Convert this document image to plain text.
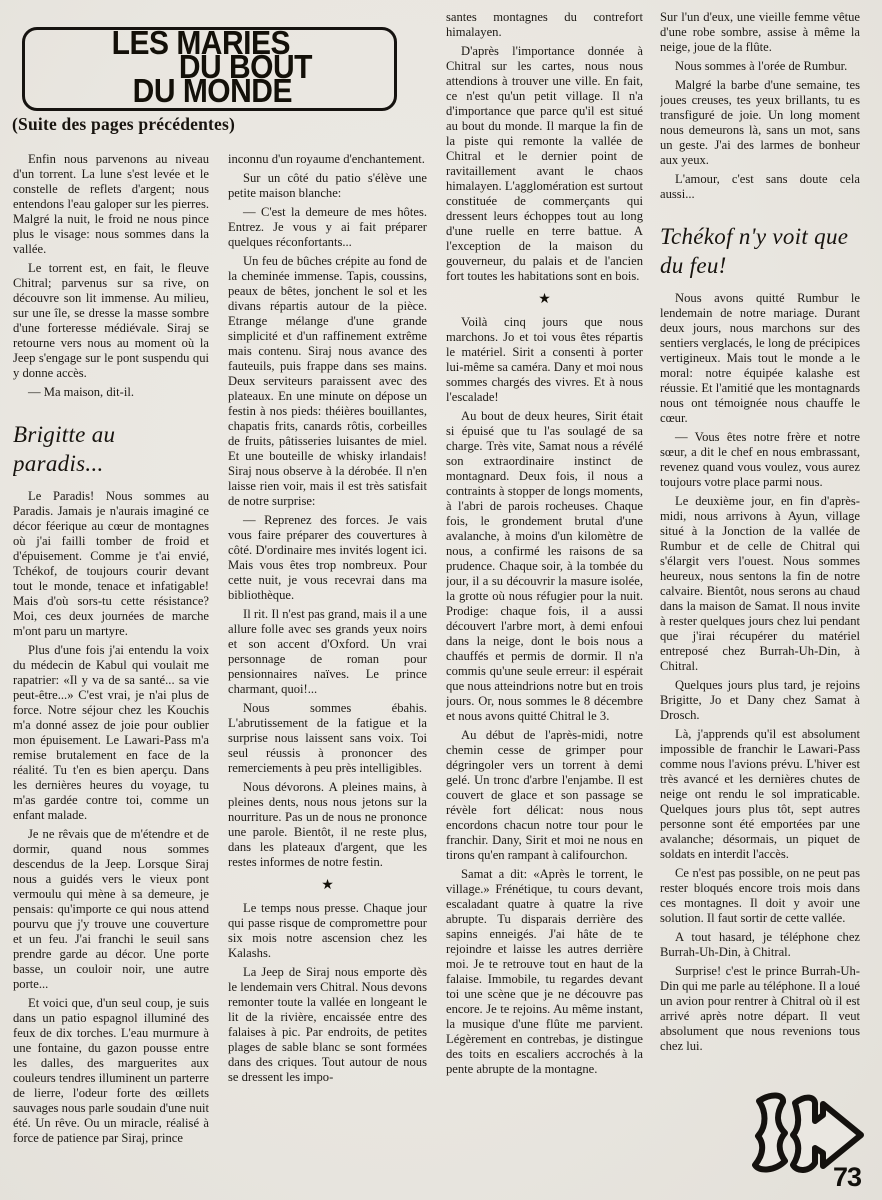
LES MARIES
DU BOUT
DU MONDE
(Suite des pages précédentes)

Enfin nous parvenons au niveau d'un torrent. La lune s'est levée et le constelle de reflets d'argent; nous entendons l'eau galoper sur les pierres. Malgré la nuit, le froid ne nous pince plus le visage: nous sommes dans la vallée.

Le torrent est, en fait, le fleuve Chitral; parvenus sur sa rive, on découvre son lit immense. Au milieu, sur une île, se dresse la masse sombre d'une forteresse médiévale. Siraj se retourne vers nous au moment où la Jeep s'engage sur le pont suspendu qui y donne accès.

— Ma maison, dit-il.

Brigitte au paradis...

Le Paradis! Nous sommes au Paradis. Jamais je n'aurais imaginé ce décor féerique au cœur de montagnes où j'ai failli tomber de froid et d'épuisement. Comme je t'ai envié, Tchékof, de toujours courir devant tout le monde, tenace et infatigable! Mais d'où sors-tu cette résistance? Moi, ces deux journées de marche m'ont paru un martyre.

Plus d'une fois j'ai entendu la voix du médecin de Kabul qui voulait me rapatrier: «Il y va de sa santé... sa vie peut-être...» C'est vrai, je n'ai plus de force. Notre séjour chez les Kouchis m'a donné assez de joie pour oublier mon épuisement. Le Lawari-Pass m'a remise brutalement en face de la réalité. Tu t'en es bien aperçu. Dans les dernières heures du voyage, tu m'as gardée contre toi, comme un enfant malade.

Je ne rêvais que de m'étendre et de dormir, quand nous sommes descendus de la Jeep. Lorsque Siraj nous a guidés vers le vieux pont vermoulu qui mène à sa demeure, je pensais: qu'importe ce qui nous attend pourvu que j'y trouve une couverture et un feu. J'ai franchi le seuil sans prendre garde au décor. Une porte basse, un couloir noir, une autre porte...

Et voici que, d'un seul coup, je suis dans un patio espagnol illuminé des feux de dix torches. L'eau murmure à une fontaine, du gazon pousse entre les dalles, des marguerites aux couleurs tendres illuminent un parterre de lierre, l'odeur forte des œillets sauvages nous parle soudain d'une nuit été. Un rêve. Ou un miracle, réalisé à force de patience par Siraj, prince

inconnu d'un royaume d'enchantement.

Sur un côté du patio s'élève une petite maison blanche:

— C'est la demeure de mes hôtes. Entrez. Je vous y ai fait préparer quelques réconfortants...

Un feu de bûches crépite au fond de la cheminée immense. Tapis, coussins, peaux de bêtes, jonchent le sol et les divans répartis autour de la pièce. Etrange mélange d'une grande simplicité et d'un raffinement extrême mais contenu. Siraj nous avance des fauteuils, puis frappe dans ses mains. Deux serviteurs paraissent avec des plateaux. En une minute on dépose un festin à nos pieds: théières bouillantes, chapatis frits, canards rôtis, corbeilles de fruits, pâtisseries luisantes de miel. Et une bouteille de whisky irlandais! Siraj nous observe à la dérobée. Il n'en laisse rien voir, mais il est très satisfait de notre surprise:

— Reprenez des forces. Je vais vous faire préparer des couvertures à côté. D'ordinaire mes invités logent ici. Mais vous êtes trop nombreux. Pour cette nuit, je vous recevrai dans ma bibliothèque.

Il rit. Il n'est pas grand, mais il a une allure folle avec ses grands yeux noirs et son accent d'Oxford. Un vrai personnage de roman pour pensionnaires naïves. Le prince charmant, quoi!...

Nous sommes ébahis. L'abrutissement de la fatigue et la surprise nous laissent sans voix. Toi seul réussis à prononcer des remerciements à peu près intelligibles.

Nous dévorons. A pleines mains, à pleines dents, nous nous jetons sur la nourriture. Pas un de nous ne prononce une parole. Bientôt, il ne reste plus, dans les plateaux d'argent, que les restes informes de notre festin.

★

Le temps nous presse. Chaque jour qui passe risque de compromettre pour six mois notre ascension chez les Kalashs.

La Jeep de Siraj nous emporte dès le lendemain vers Chitral. Nous devons remonter toute la vallée en longeant le lit de la rivière, encaissée entre des falaises à pic. Par endroits, de petites plages de sable blanc se sont formées dans des criques. Tout autour de nous se dressent les impo-

santes montagnes du contrefort himalayen.

D'après l'importance donnée à Chitral sur les cartes, nous nous attendions à trouver une ville. En fait, ce n'est qu'un petit village. Il n'a d'importance que parce qu'il est situé au bout du monde. Il marque la fin de la piste qui remonte la vallée de Chitral et le dernier point de ravitaillement avant le chaos himalayen. L'agglomération est surtout constituée de commerçants qui dressent leurs échoppes tout au long d'une ruelle en terre battue. A l'exception de la maison du gouverneur, du palais et de l'ancien fort toutes les habitations sont en bois.

★

Voilà cinq jours que nous marchons. Jo et toi vous êtes répartis le matériel. Sirit a consenti à porter lui-même sa caméra. Dany et moi nous sommes chargés des vivres. Et à nous l'escalade!

Au bout de deux heures, Sirit était si épuisé que tu l'as soulagé de sa charge. Très vite, Samat nous a révélé son extraordinaire instinct de montagnard. Deux fois, il nous a contraints à stopper de longs moments, à l'abri de parois rocheuses. Chaque fois, le grondement brutal d'une avalanche, à moins d'un kilomètre de nous, a confirmé les raisons de sa prudence. Chaque soir, à la tombée du jour, il a su découvrir la masure isolée, la grotte où nous réfugier pour la nuit. Prodige: chaque fois, il a aussi découvert l'arbre mort, à demi enfoui dans la neige, dont le bois nous a chauffés et permis de dormir. Il n'a commis qu'une seule erreur: il espérait que nous atteindrions notre but en trois jours. Or, nous sommes le 8 décembre et nous avons quitté Chitral le 3.

Au début de l'après-midi, notre chemin cesse de grimper pour dégringoler vers un torrent à demi gelé. Un tronc d'arbre l'enjambe. Il est couvert de glace et son passage se révèle fort délicat: nous nous encordons chacun notre tour pour le franchir. Dany, Sirit et moi ne nous en tirons qu'en rampant à califourchon.

Samat a dit: «Après le torrent, le village.» Frénétique, tu cours devant, escaladant quatre à quatre la rive abrupte. Tu disparais derrière des sapins enneigés. J'ai hâte de te rejoindre et laisse les autres derrière moi. Je te retrouve tout en haut de la falaise. Immobile, tu regardes devant toi une scène que je ne découvre pas encore. Je te rejoins. Au même instant, la musique d'une flûte me parvient. Légèrement en contrebas, je distingue des toits en escaliers accrochés à la pente abrupte de la montagne.

Sur l'un d'eux, une vieille femme vêtue d'une robe sombre, assise à même la neige, joue de la flûte.

Nous sommes à l'orée de Rumbur.

Malgré la barbe d'une semaine, tes joues creuses, tes yeux brillants, tu es transfiguré de joie. Un long moment nous demeurons là, sans un mot, sans un geste. J'ai des larmes de bonheur aux yeux.

L'amour, c'est sans doute cela aussi...

Tchékof n'y voit que du feu!

Nous avons quitté Rumbur le lendemain de notre mariage. Durant deux jours, nous marchons sur des sentiers verglacés, le long de précipices vertigineux. Mais tout le monde a le moral: notre équipée kalashe est réussie. Et l'amitié que les montagnards nous ont témoignée nous chauffe le cœur.

— Vous êtes notre frère et notre sœur, a dit le chef en nous embrassant, revenez quand vous voulez, vous aurez toujours votre place parmi nous.

Le deuxième jour, en fin d'après-midi, nous arrivons à Ayun, village situé à la Jonction de la vallée de Rumbur et de celle de Chitral qui s'élargit vers l'ouest. Nous sommes heureux, nous sentons la fin de notre calvaire. Bientôt, nous serons au chaud dans la maison de Samat. Il nous invite à rester quelques jours chez lui pendant que j'irai récupérer du matériel entreposé chez Burrah-Uh-Din, à Chitral.

Quelques jours plus tard, je rejoins Brigitte, Jo et Dany chez Samat à Drosch.

Là, j'apprends qu'il est absolument impossible de franchir le Lawari-Pass comme nous l'avions prévu. L'hiver est très avancé et les dernières chutes de neige ont rendu le sol impraticable. Quelques jours plus tôt, sept autres personne sont été emportées par une avalanche; désormais, un piquet de soldats en interdit l'accès.

Ce n'est pas possible, on ne peut pas rester bloqués encore trois mois dans ces montagnes. Il doit y avoir une solution. Il faut sortir de cette vallée.

A tout hasard, je téléphone chez Burrah-Uh-Din, à Chitral.

Surprise! c'est le prince Burrah-Uh-Din qui me parle au téléphone. Il a loué un avion pour rentrer à Chitral où il est arrivé après notre départ. Il veut absolument que nous revenions tous chez lui.

73
